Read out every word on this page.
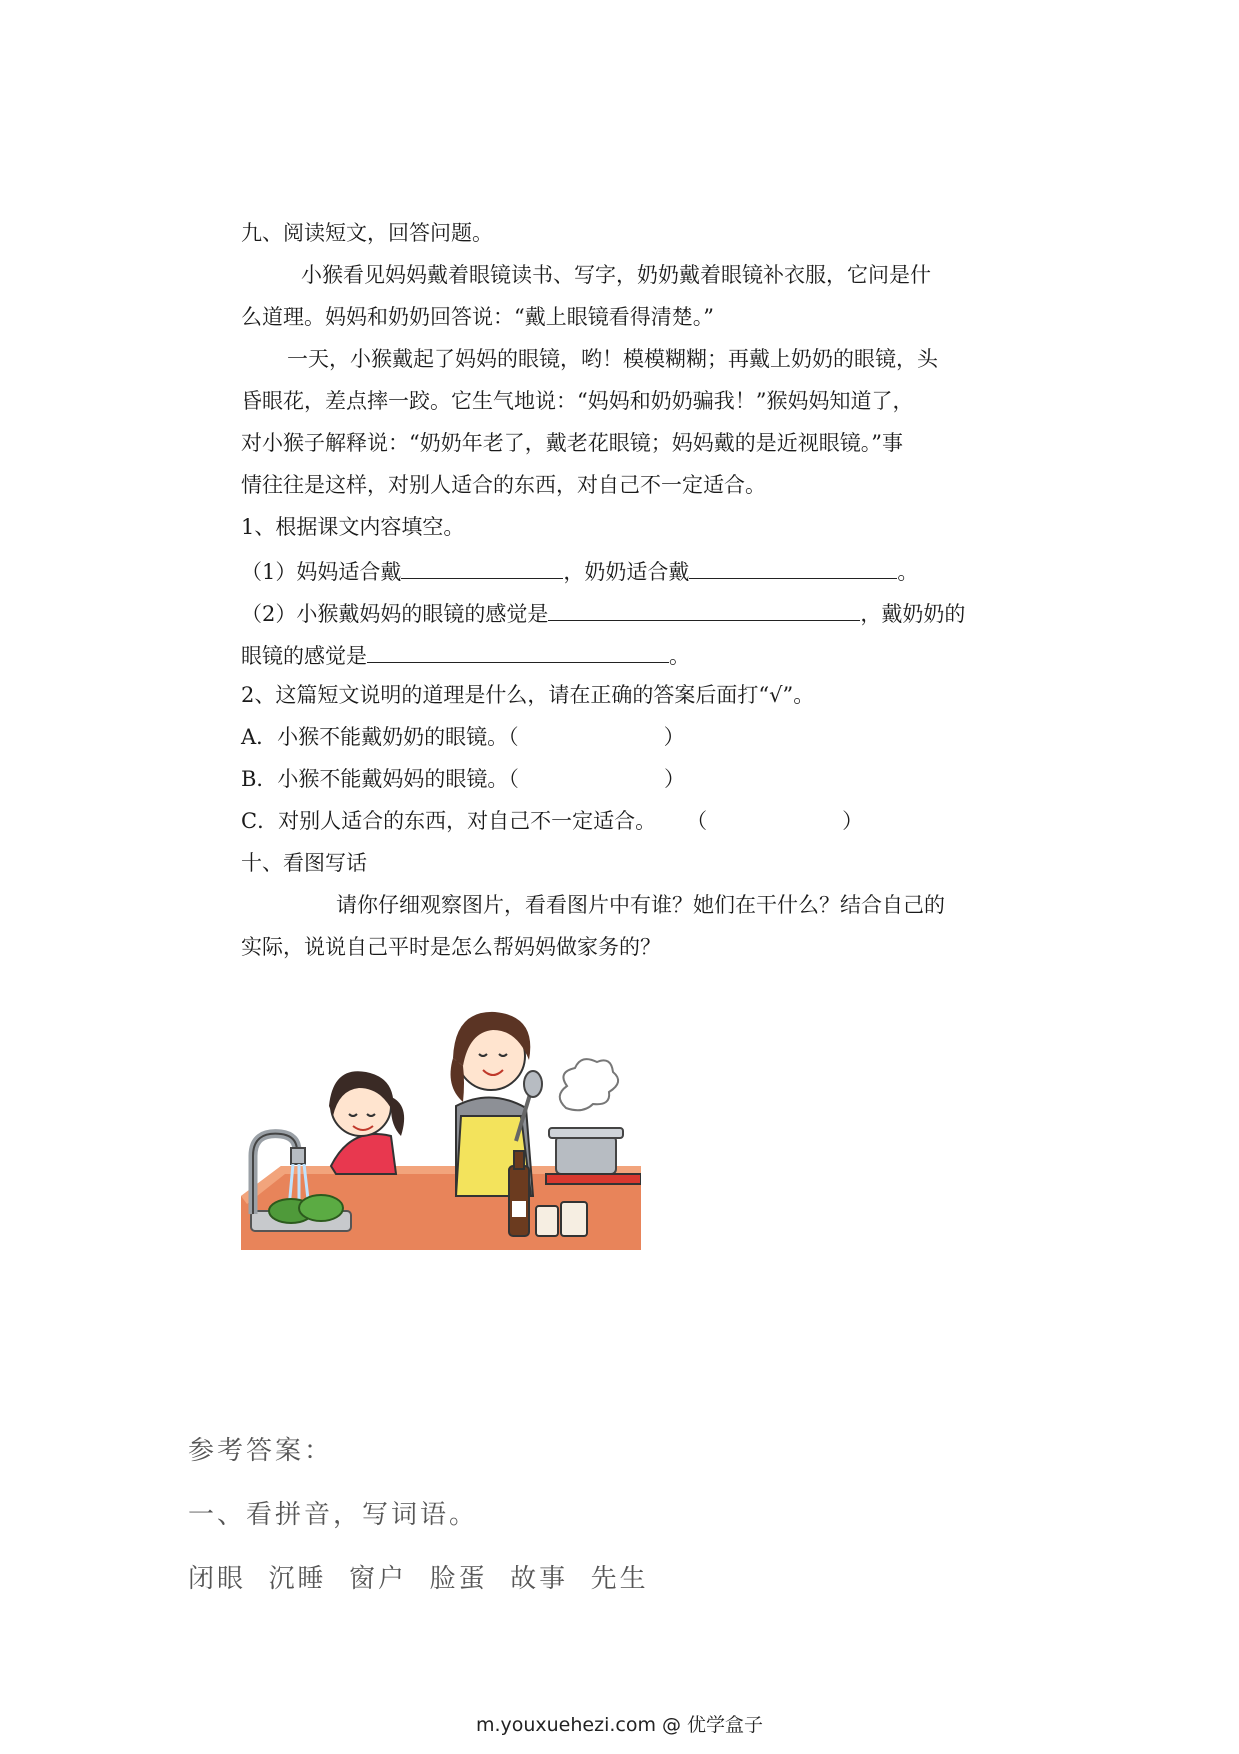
九、阅读短文，回答问题。
小猴看见妈妈戴着眼镜读书、写字，奶奶戴着眼镜补衣服，它问是什
么道理。妈妈和奶奶回答说：“戴上眼镜看得清楚。”
一天，小猴戴起了妈妈的眼镜，哟！模模糊糊；再戴上奶奶的眼镜，头
昏眼花，差点摔一跤。它生气地说：“妈妈和奶奶骗我！”猴妈妈知道了，
对小猴子解释说：“奶奶年老了，戴老花眼镜；妈妈戴的是近视眼镜。”事
情往往是这样，对别人适合的东西，对自己不一定适合。
1、根据课文内容填空。
（1）妈妈适合戴	，奶奶适合戴	。
（2）小猴戴妈妈的眼镜的感觉是	，戴奶奶的
眼镜的感觉是	。
2、这篇短文说明的道理是什么，请在正确的答案后面打“√”。
A．小猴不能戴奶奶的眼镜。（	）
B．小猴不能戴妈妈的眼镜。（	）
C．对别人适合的东西，对自己不一定适合。 （	）
十、看图写话
请你仔细观察图片，看看图片中有谁？她们在干什么？结合自己的
实际，说说自己平时是怎么帮妈妈做家务的？
参考答案：
一、看拼音，写词语。
闭眼  沉睡  窗户  脸蛋  故事  先生
m.youxuehezi.com @ 优学盒子
